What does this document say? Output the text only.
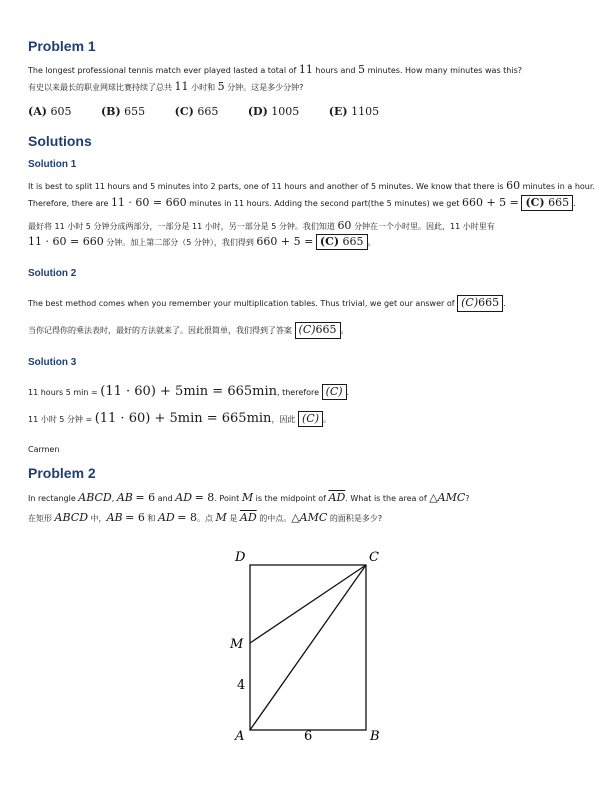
Problem 1
The longest professional tennis match ever played lasted a total of 11 hours and 5 minutes. How many minutes was this?
有史以来最长的职业网球比赛持续了总共 11 小时和 5 分钟。这是多少分钟?
(A) 605	(B) 655	(C) 665	(D) 1005	(E) 1105
Solutions
Solution 1
It is best to split 11 hours and 5 minutes into 2 parts, one of 11 hours and another of 5 minutes. We know that there is 60 minutes in a hour.
Therefore, there are 11 · 60 = 660 minutes in 11 hours. Adding the second part(the 5 minutes) we get 660 + 5 = (C) 665 .
最好将 11 小时 5 分钟分成两部分，一部分是 11 小时，另一部分是 5 分钟。我们知道 60 分钟在一个小时里。因此，11 小时里有
11 · 60 = 660 分钟。加上第二部分（5 分钟），我们得到 660 + 5 = (C) 665 。
Solution 2
The best method comes when you remember your multiplication tables. Thus trivial, we get our answer of (C)665 .
当你记得你的乘法表时，最好的方法就来了。因此很简单，我们得到了答案 (C)665 。
Solution 3
11 hours 5 min = (11 · 60) + 5min = 665min, therefore (C) .
11 小时 5 分钟 = (11 · 60) + 5min = 665min，因此 (C) 。
Carmen
Problem 2
In rectangle ABCD, AB = 6 and AD = 8. Point M is the midpoint of $\overline{AD}$. What is the area of △AMC?
在矩形 ABCD 中，AB = 6 和 AD = 8。点 M 是 $\overline{AD}$ 的中点。△AMC 的面积是多少?
D	C
M
4
A	6	B
